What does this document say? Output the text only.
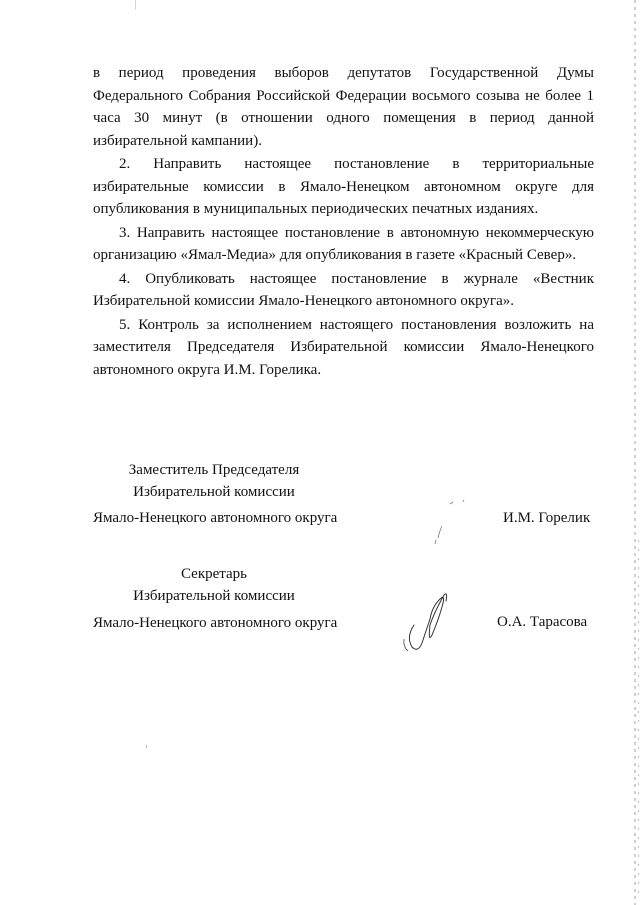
в период проведения выборов депутатов Государственной Думы Федерального Собрания Российской Федерации восьмого созыва не более 1 часа 30 минут (в отношении одного помещения в период данной избирательной кампании).

2. Направить настоящее постановление в территориальные избирательные комиссии в Ямало-Ненецком автономном округе для опубликования в муниципальных периодических печатных изданиях.

3. Направить настоящее постановление в автономную некоммерческую организацию «Ямал-Медиа» для опубликования в газете «Красный Север».

4. Опубликовать настоящее постановление в журнале «Вестник Избирательной комиссии Ямало-Ненецкого автономного округа».

5. Контроль за исполнением настоящего постановления возложить на заместителя Председателя Избирательной комиссии Ямало-Ненецкого автономного округа И.М. Горелика.

Заместитель Председателя
Избирательной комиссии
Ямало-Ненецкого автономного округа	И.М. Горелик
Секретарь
Избирательной комиссии
Ямало-Ненецкого автономного округа	О.А. Тарасова
